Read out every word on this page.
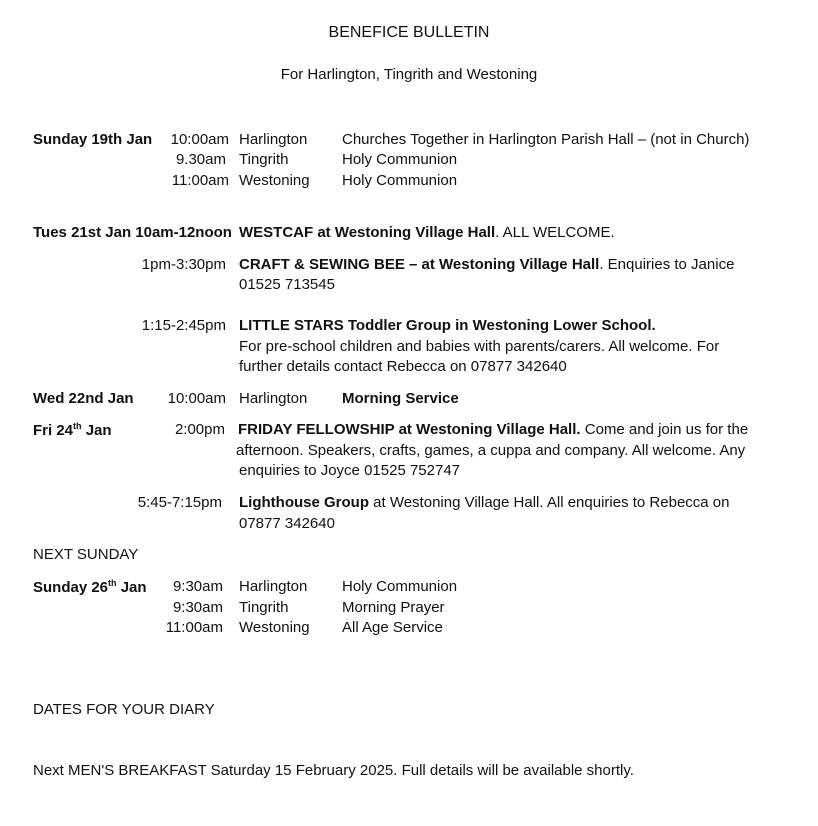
BENEFICE BULLETIN
For Harlington, Tingrith and Westoning
Sunday 19th Jan	10:00am Harlington Churches Together in Harlington Parish Hall – (not in Church)
9.30am Tingrith	Holy Communion
11:00am Westoning Holy Communion
Tues 21st Jan 10am-12noon WESTCAF at Westoning Village Hall. ALL WELCOME.
1pm-3:30pm CRAFT & SEWING BEE – at Westoning Village Hall. Enquiries to Janice
01525 713545
1:15-2:45pm LITTLE STARS Toddler Group in Westoning Lower School.
For pre-school children and babies with parents/carers. All welcome. For
further details contact Rebecca on 07877 342640
Wed 22nd Jan	10:00am Harlington Morning Service
Fri 24th Jan	2:00pm FRIDAY FELLOWSHIP at Westoning Village Hall. Come and join us for the
afternoon. Speakers, crafts, games, a cuppa and company. All welcome. Any
enquiries to Joyce 01525 752747
5:45-7:15pm Lighthouse Group at Westoning Village Hall. All enquiries to Rebecca on
07877 342640
NEXT SUNDAY
Sunday 26th Jan	9:30am Harlington Holy Communion
9:30am Tingrith	Morning Prayer
11:00am Westoning All Age Service
DATES FOR YOUR DIARY
Next MEN'S BREAKFAST Saturday 15 February 2025. Full details will be available shortly.
